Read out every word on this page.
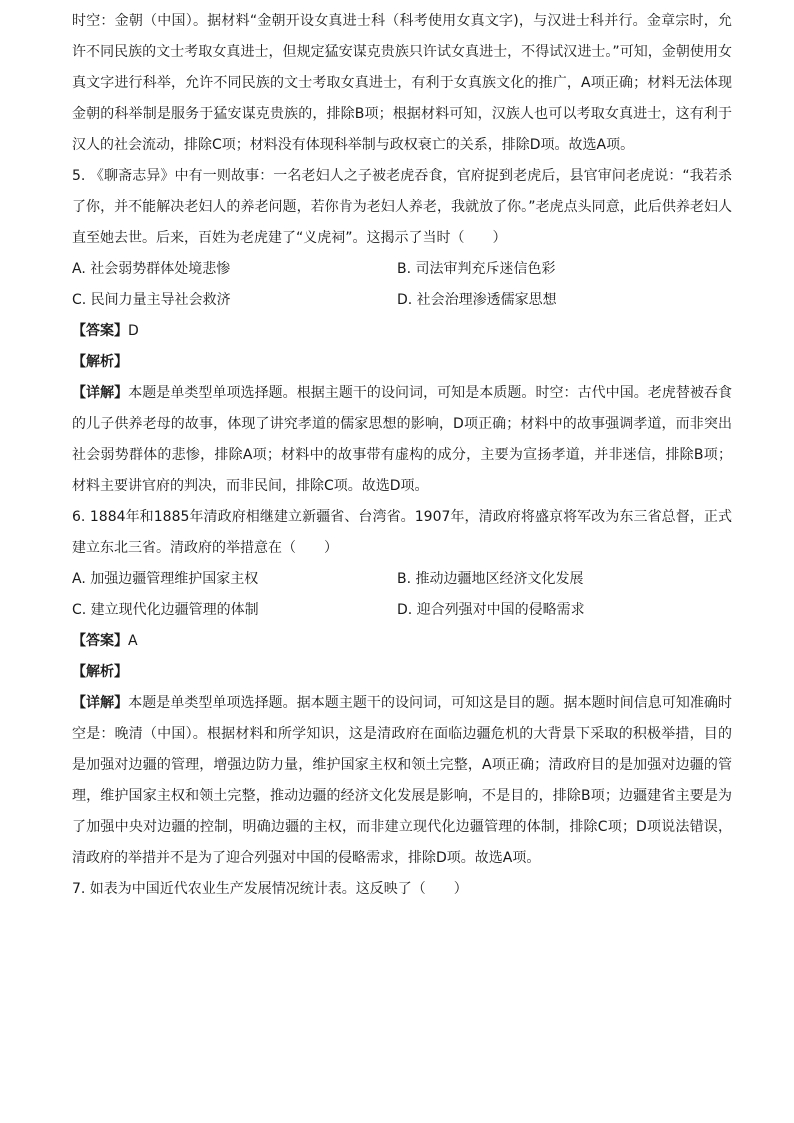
时空：金朝（中国）。据材料“金朝开设女真进士科（科考使用女真文字)，与汉进士科并行。金章宗时，允许不同民族的文士考取女真进士，但规定猛安谋克贵族只许试女真进士，不得试汉进士。”可知，金朝使用女真文字进行科举，允许不同民族的文士考取女真进士，有利于女真族文化的推广，A项正确；材料无法体现金朝的科举制是服务于猛安谋克贵族的，排除B项；根据材料可知，汉族人也可以考取女真进士，这有利于汉人的社会流动，排除C项；材料没有体现科举制与政权衰亡的关系，排除D项。故选A项。

5. 《聊斋志异》中有一则故事：一名老妇人之子被老虎吞食，官府捉到老虎后，县官审问老虎说：“我若杀了你，并不能解决老妇人的养老问题，若你肯为老妇人养老，我就放了你。”老虎点头同意，此后供养老妇人直至她去世。后来，百姓为老虎建了“义虎祠”。这揭示了当时（　　）

A. 社会弱势群体处境悲惨	B. 司法审判充斥迷信色彩

C. 民间力量主导社会救济	D. 社会治理渗透儒家思想

【答案】D

【解析】

【详解】本题是单类型单项选择题。根据主题干的设问词，可知是本质题。时空：古代中国。老虎替被吞食的儿子供养老母的故事，体现了讲究孝道的儒家思想的影响，D项正确；材料中的故事强调孝道，而非突出社会弱势群体的悲惨，排除A项；材料中的故事带有虚构的成分，主要为宣扬孝道，并非迷信，排除B项；材料主要讲官府的判决，而非民间，排除C项。故选D项。

6. 1884年和1885年清政府相继建立新疆省、台湾省。1907年，清政府将盛京将军改为东三省总督，正式建立东北三省。清政府的举措意在（　　）

A. 加强边疆管理维护国家主权	B. 推动边疆地区经济文化发展

C. 建立现代化边疆管理的体制	D. 迎合列强对中国的侵略需求

【答案】A

【解析】

【详解】本题是单类型单项选择题。据本题主题干的设问词，可知这是目的题。据本题时间信息可知准确时空是：晚清（中国）。根据材料和所学知识，这是清政府在面临边疆危机的大背景下采取的积极举措，目的是加强对边疆的管理，增强边防力量，维护国家主权和领土完整，A项正确；清政府目的是加强对边疆的管理，维护国家主权和领土完整，推动边疆的经济文化发展是影响，不是目的，排除B项；边疆建省主要是为了加强中央对边疆的控制，明确边疆的主权，而非建立现代化边疆管理的体制，排除C项；D项说法错误，清政府的举措并不是为了迎合列强对中国的侵略需求，排除D项。故选A项。

7. 如表为中国近代农业生产发展情况统计表。这反映了（　　）
